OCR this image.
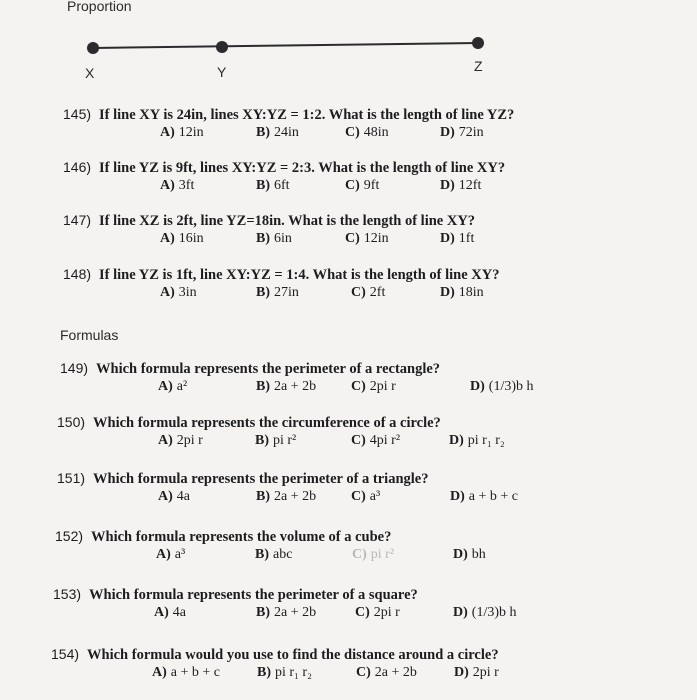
Proportion
X	Y	Z
145) If line XY is 24in, lines XY:YZ = 1:2. What is the length of line YZ?
A) 12in	B) 24in	C) 48in	D) 72in
146) If line YZ is 9ft, lines XY:YZ = 2:3. What is the length of line XY?
A) 3ft	B) 6ft	C) 9ft	D) 12ft
147) If line XZ is 2ft, line YZ=18in. What is the length of line XY?
A) 16in	B) 6in	C) 12in	D) 1ft
148) If line YZ is 1ft, line XY:YZ = 1:4. What is the length of line XY?
A) 3in	B) 27in	C) 2ft	D) 18in
Formulas
149) Which formula represents the perimeter of a rectangle?
A) a²	B) 2a + 2b C) 2pi r	D) (1/3)b h
150) Which formula represents the circumference of a circle?
A) 2pi r	B) pi r²	C) 4pi r²	D) pi r₁ r₂
151) Which formula represents the perimeter of a triangle?
A) 4a	B) 2a + 2b C) a³	D) a + b + c
152) Which formula represents the volume of a cube?
A) a³	B) abc	C) pi r²	D) bh
153) Which formula represents the perimeter of a square?
A) 4a	B) 2a + 2b	C) 2pi r	D) (1/3)b h
154) Which formula would you use to find the distance around a circle?
A) a + b + c	B) pi r₁ r₂	C) 2a + 2b	D) 2pi r
